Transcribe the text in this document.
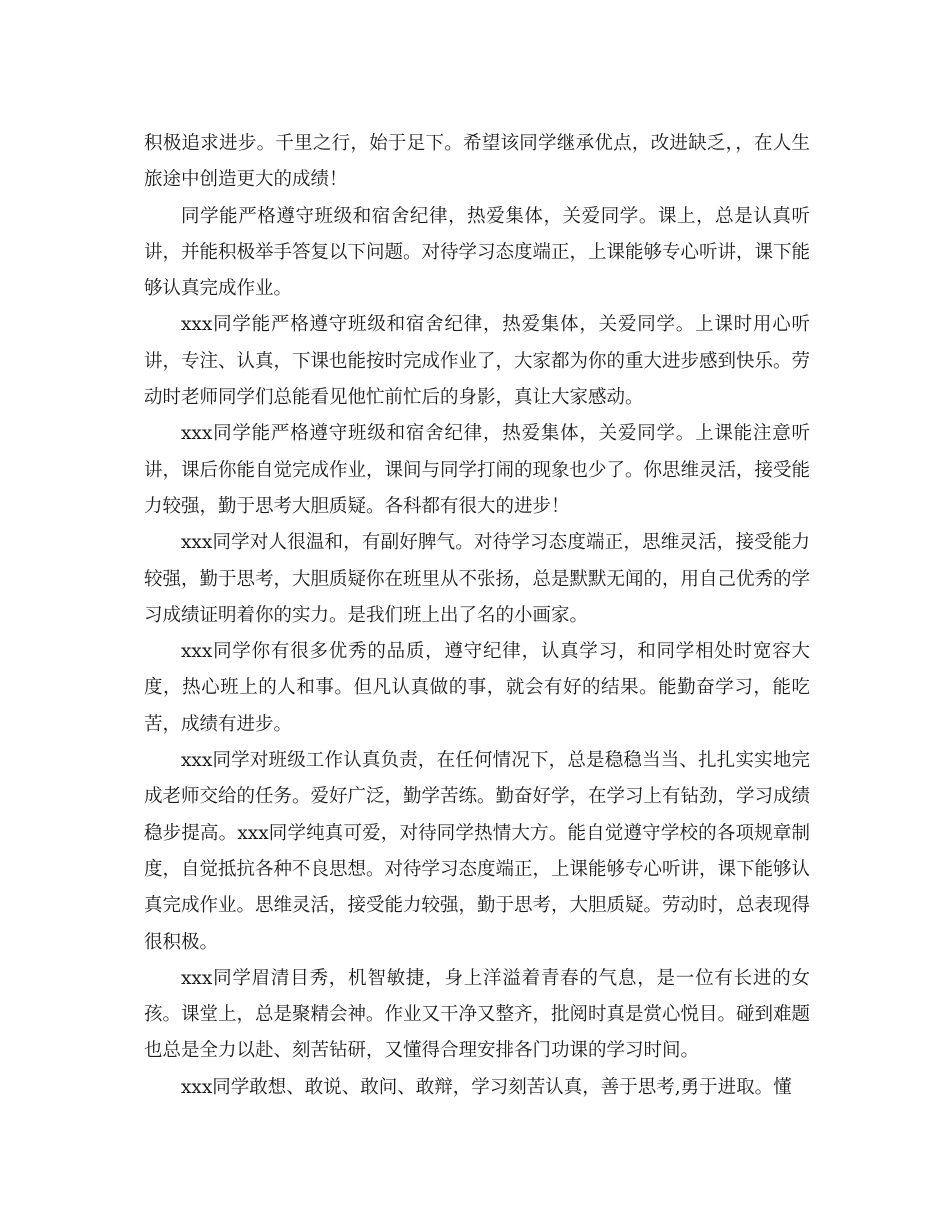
积极追求进步。千里之行，始于足下。希望该同学继承优点，改进缺乏，，在人生旅途中创造更大的成绩！

同学能严格遵守班级和宿舍纪律，热爱集体，关爱同学。课上，总是认真听讲，并能积极举手答复以下问题。对待学习态度端正，上课能够专心听讲，课下能够认真完成作业。

xxx同学能严格遵守班级和宿舍纪律，热爱集体，关爱同学。上课时用心听讲，专注、认真，下课也能按时完成作业了，大家都为你的重大进步感到快乐。劳动时老师同学们总能看见他忙前忙后的身影，真让大家感动。

xxx同学能严格遵守班级和宿舍纪律，热爱集体，关爱同学。上课能注意听讲，课后你能自觉完成作业，课间与同学打闹的现象也少了。你思维灵活，接受能力较强，勤于思考大胆质疑。各科都有很大的进步！

xxx同学对人很温和，有副好脾气。对待学习态度端正，思维灵活，接受能力较强，勤于思考，大胆质疑你在班里从不张扬，总是默默无闻的，用自己优秀的学习成绩证明着你的实力。是我们班上出了名的小画家。

xxx同学你有很多优秀的品质，遵守纪律，认真学习，和同学相处时宽容大度，热心班上的人和事。但凡认真做的事，就会有好的结果。能勤奋学习，能吃苦，成绩有进步。

xxx同学对班级工作认真负责，在任何情况下，总是稳稳当当、扎扎实实地完成老师交给的任务。爱好广泛，勤学苦练。勤奋好学，在学习上有钻劲，学习成绩稳步提高。xxx同学纯真可爱，对待同学热情大方。能自觉遵守学校的各项规章制度，自觉抵抗各种不良思想。对待学习态度端正，上课能够专心听讲，课下能够认真完成作业。思维灵活，接受能力较强，勤于思考，大胆质疑。劳动时，总表现得很积极。

xxx同学眉清目秀，机智敏捷，身上洋溢着青春的气息，是一位有长进的女孩。课堂上，总是聚精会神。作业又干净又整齐，批阅时真是赏心悦目。碰到难题也总是全力以赴、刻苦钻研，又懂得合理安排各门功课的学习时间。

xxx同学敢想、敢说、敢问、敢辩，学习刻苦认真，善于思考,勇于进取。懂
